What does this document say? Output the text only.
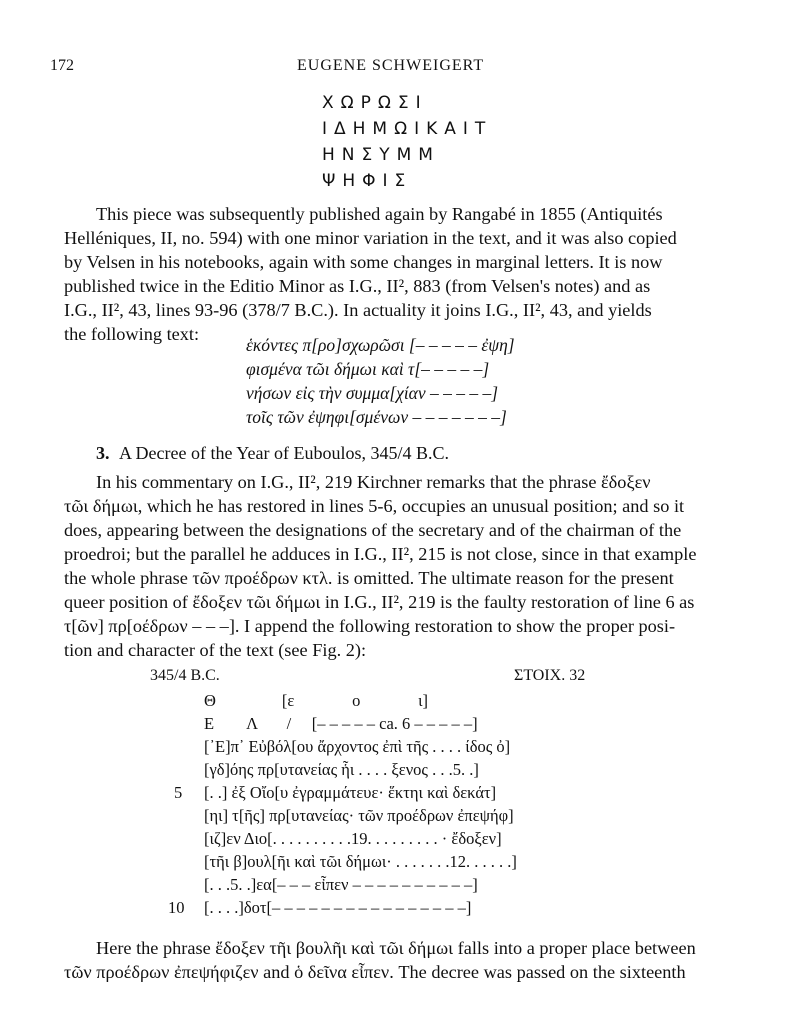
172	EUGENE SCHWEIGERT
ΧΩΡΩΣΙ
ΙΔΗΜΩΙΚΑΙΤ
ΗΝΣΥΜΜ
ΨΗΦΙΣ

This piece was subsequently published again by Rangabé in 1855 (Antiquités

Helléniques, II, no. 594) with one minor variation in the text, and it was also copied

by Velsen in his notebooks, again with some changes in marginal letters. It is now

published twice in the Editio Minor as I.G., II², 883 (from Velsen's notes) and as

I.G., II², 43, lines 93-96 (378/7 B.C.). In actuality it joins I.G., II², 43, and yields

the following text:

ἑκόντες π[ρο]σχωρῶσι [– – – – – ἐψη]
φισμένα τῶι δήμωι καὶ τ[– – – – –]
νήσων εἰς τὴν συμμα[χίαν – – – – –]
τοῖς τῶν ἐψηφι[σμένων – – – – – – –]
3. A Decree of the Year of Euboulos, 345/4 B.C.

In his commentary on I.G., II², 219 Kirchner remarks that the phrase ἔδοξεν

τῶι δήμωι, which he has restored in lines 5-6, occupies an unusual position; and so it

does, appearing between the designations of the secretary and of the chairman of the

proedroi; but the parallel he adduces in I.G., II², 215 is not close, since in that example

the whole phrase τῶν προέδρων κτλ. is omitted. The ultimate reason for the present

queer position of ἔδοξεν τῶι δήμωι in I.G., II², 219 is the faulty restoration of line 6 as

τ[ῶν] πρ[οέδρων – – –]. I append the following restoration to show the proper posi-

tion and character of the text (see Fig. 2):

345/4 B.C.	ΣΤΟΙΧ. 32
Θ                [ε              ο              ι]
Ε        Λ       /     [– – – – – ca. 6 – – – – –]
[᾿Ε]π᾿ Εὐβόλ[ου ἄρχοντος ἐπὶ τῆς . . . . ίδος ὀ]
[γδ]όης πρ[υτανείας ἧι . . . . ξενος . . .5. .]
5 [. .] ἐξ Οἴο[υ ἐγραμμάτευε· ἕκτηι καὶ δεκάτ]
[ηι] τ[ῆς] πρ[υτανείας· τῶν προέδρων ἐπεψήφ]
[ιζ]εν Διο[. . . . . . . . . .19. . . . . . . . . · ἔδοξεν]
[τῆι β]ουλ[ῆι καὶ τῶι δήμωι· . . . . . . .12. . . . . .]
[. . .5. .]εα[– – – εἶπεν – – – – – – – – – –]
10 [. . . .]δοτ[– – – – – – – – – – – – – – – –]

Here the phrase ἔδοξεν τῆι βουλῆι καὶ τῶι δήμωι falls into a proper place between

τῶν προέδρων ἐπεψήφιζεν and ὁ δεῖνα εἶπεν. The decree was passed on the sixteenth
